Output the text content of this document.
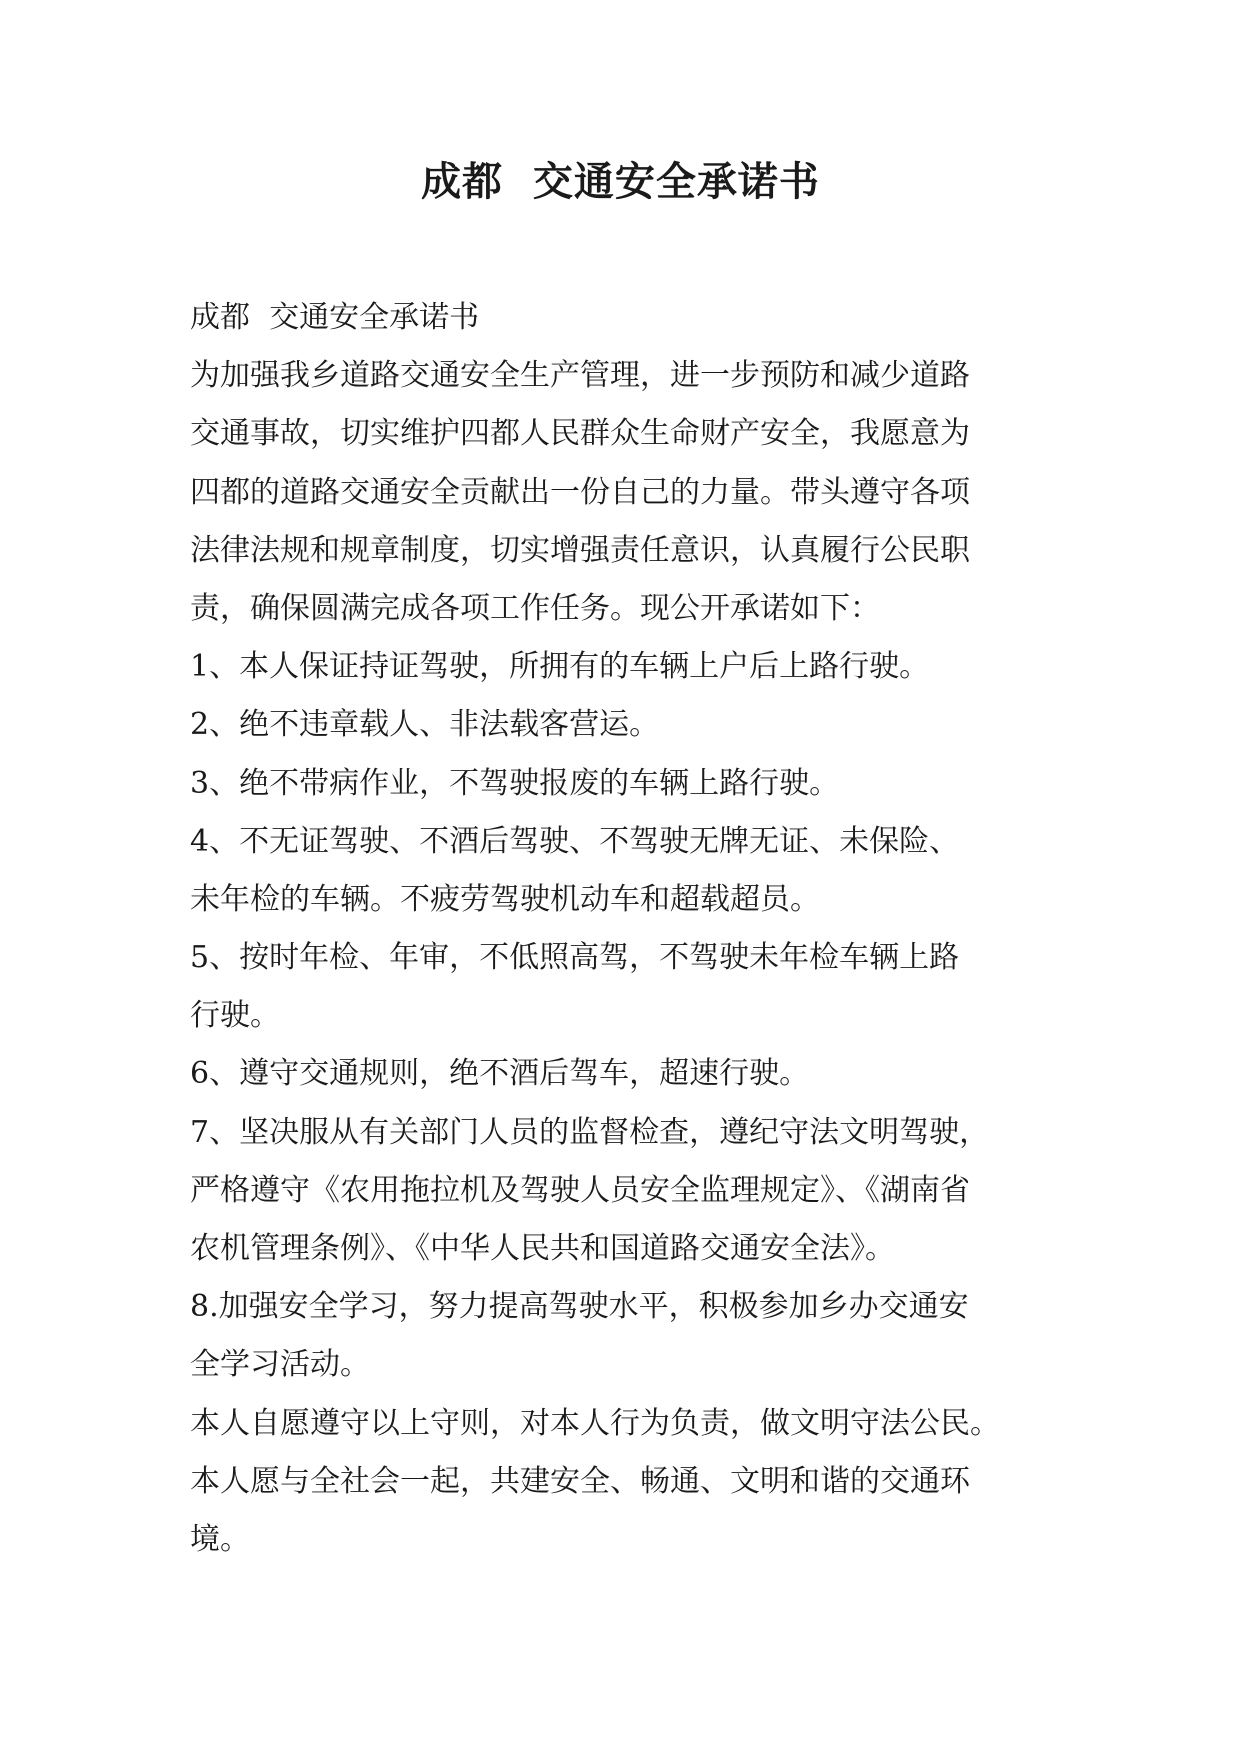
成都  交通安全承诺书
成都  交通安全承诺书
为加强我乡道路交通安全生产管理，进一步预防和减少道路
交通事故，切实维护四都人民群众生命财产安全，我愿意为
四都的道路交通安全贡献出一份自己的力量。带头遵守各项
法律法规和规章制度，切实增强责任意识，认真履行公民职
责，确保圆满完成各项工作任务。现公开承诺如下：
1、本人保证持证驾驶，所拥有的车辆上户后上路行驶。
2、绝不违章载人、非法载客营运。
3、绝不带病作业，不驾驶报废的车辆上路行驶。
4、不无证驾驶、不酒后驾驶、不驾驶无牌无证、未保险、
未年检的车辆。不疲劳驾驶机动车和超载超员。
5、按时年检、年审，不低照高驾，不驾驶未年检车辆上路
行驶。
6、遵守交通规则，绝不酒后驾车，超速行驶。
7、坚决服从有关部门人员的监督检查，遵纪守法文明驾驶，
严格遵守《农用拖拉机及驾驶人员安全监理规定》、《湖南省
农机管理条例》、《中华人民共和国道路交通安全法》。
8.加强安全学习，努力提高驾驶水平，积极参加乡办交通安
全学习活动。
本人自愿遵守以上守则，对本人行为负责，做文明守法公民。
本人愿与全社会一起，共建安全、畅通、文明和谐的交通环
境。
